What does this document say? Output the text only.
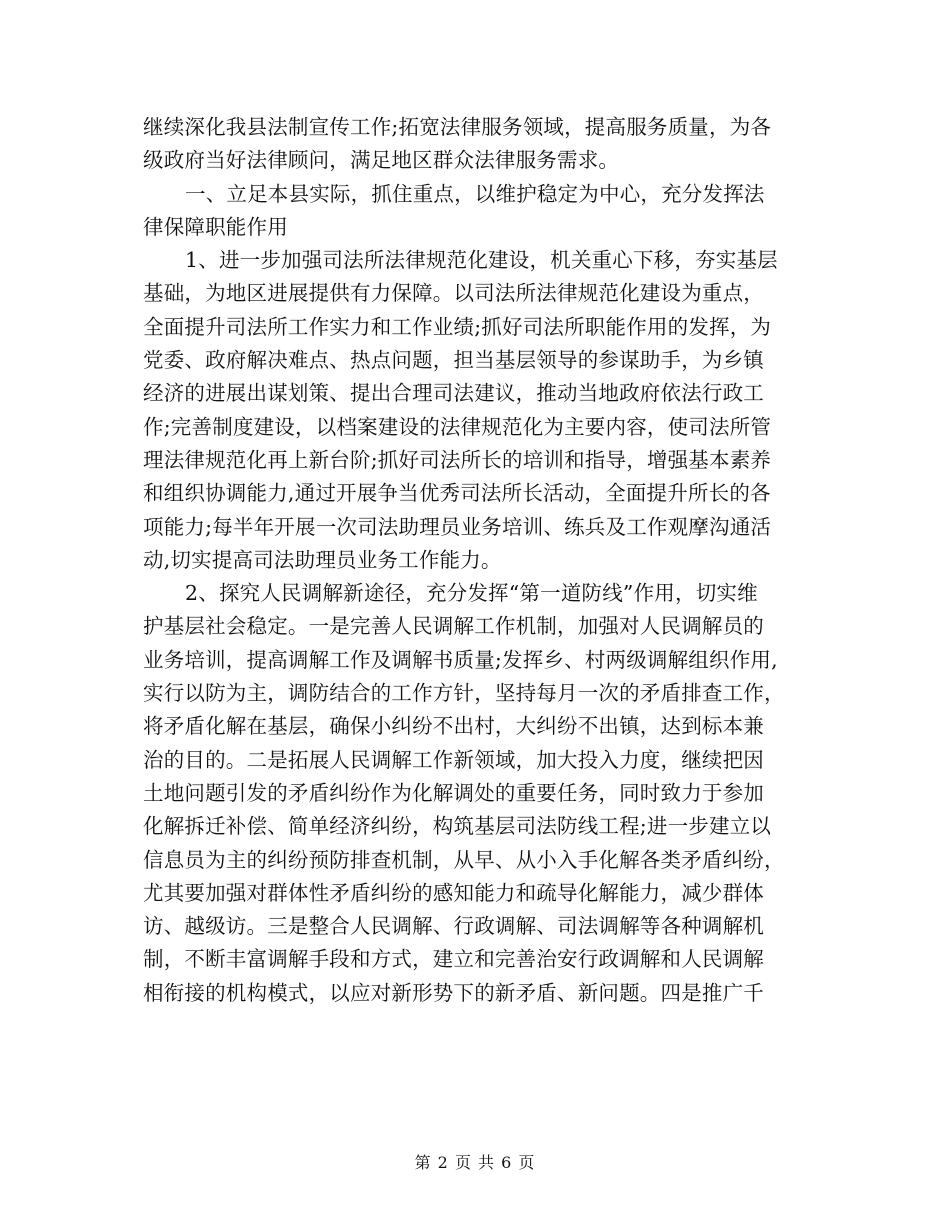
继续深化我县法制宣传工作;拓宽法律服务领域，提高服务质量，为各
级政府当好法律顾问，满足地区群众法律服务需求。
一、立足本县实际，抓住重点，以维护稳定为中心，充分发挥法
律保障职能作用
1、进一步加强司法所法律规范化建设，机关重心下移，夯实基层
基础，为地区进展提供有力保障。以司法所法律规范化建设为重点，
全面提升司法所工作实力和工作业绩;抓好司法所职能作用的发挥，为
党委、政府解决难点、热点问题，担当基层领导的参谋助手，为乡镇
经济的进展出谋划策、提出合理司法建议，推动当地政府依法行政工
作;完善制度建设，以档案建设的法律规范化为主要内容，使司法所管
理法律规范化再上新台阶;抓好司法所长的培训和指导，增强基本素养
和组织协调能力,通过开展争当优秀司法所长活动，全面提升所长的各
项能力;每半年开展一次司法助理员业务培训、练兵及工作观摩沟通活
动,切实提高司法助理员业务工作能力。
2、探究人民调解新途径，充分发挥“第一道防线”作用，切实维
护基层社会稳定。一是完善人民调解工作机制，加强对人民调解员的
业务培训，提高调解工作及调解书质量;发挥乡、村两级调解组织作用,
实行以防为主，调防结合的工作方针，坚持每月一次的矛盾排查工作，
将矛盾化解在基层，确保小纠纷不出村，大纠纷不出镇，达到标本兼
治的目的。二是拓展人民调解工作新领域，加大投入力度，继续把因
土地问题引发的矛盾纠纷作为化解调处的重要任务，同时致力于参加
化解拆迁补偿、简单经济纠纷，构筑基层司法防线工程;进一步建立以
信息员为主的纠纷预防排查机制，从早、从小入手化解各类矛盾纠纷，
尤其要加强对群体性矛盾纠纷的感知能力和疏导化解能力，减少群体
访、越级访。三是整合人民调解、行政调解、司法调解等各种调解机
制，不断丰富调解手段和方式，建立和完善治安行政调解和人民调解
相衔接的机构模式，以应对新形势下的新矛盾、新问题。四是推广千
第 2 页 共 6 页
